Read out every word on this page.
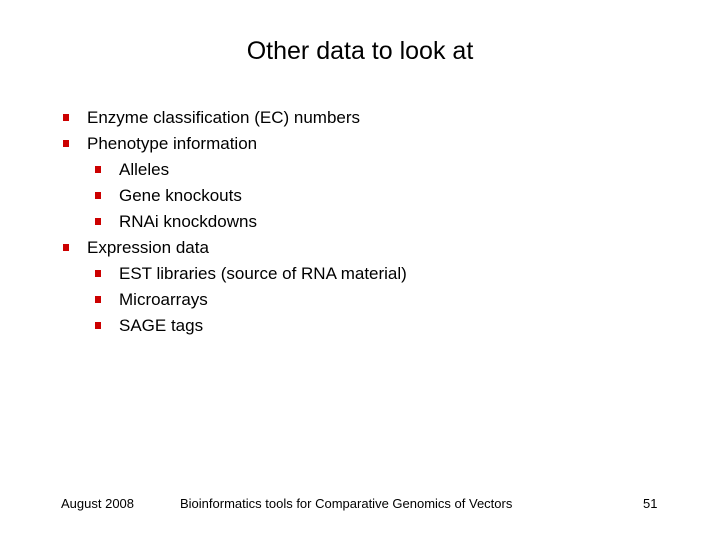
Other data to look at
Enzyme classification (EC) numbers
Phenotype information
Alleles
Gene knockouts
RNAi knockdowns
Expression data
EST libraries (source of RNA material)
Microarrays
SAGE tags
August 2008	Bioinformatics tools for Comparative Genomics of Vectors	51
